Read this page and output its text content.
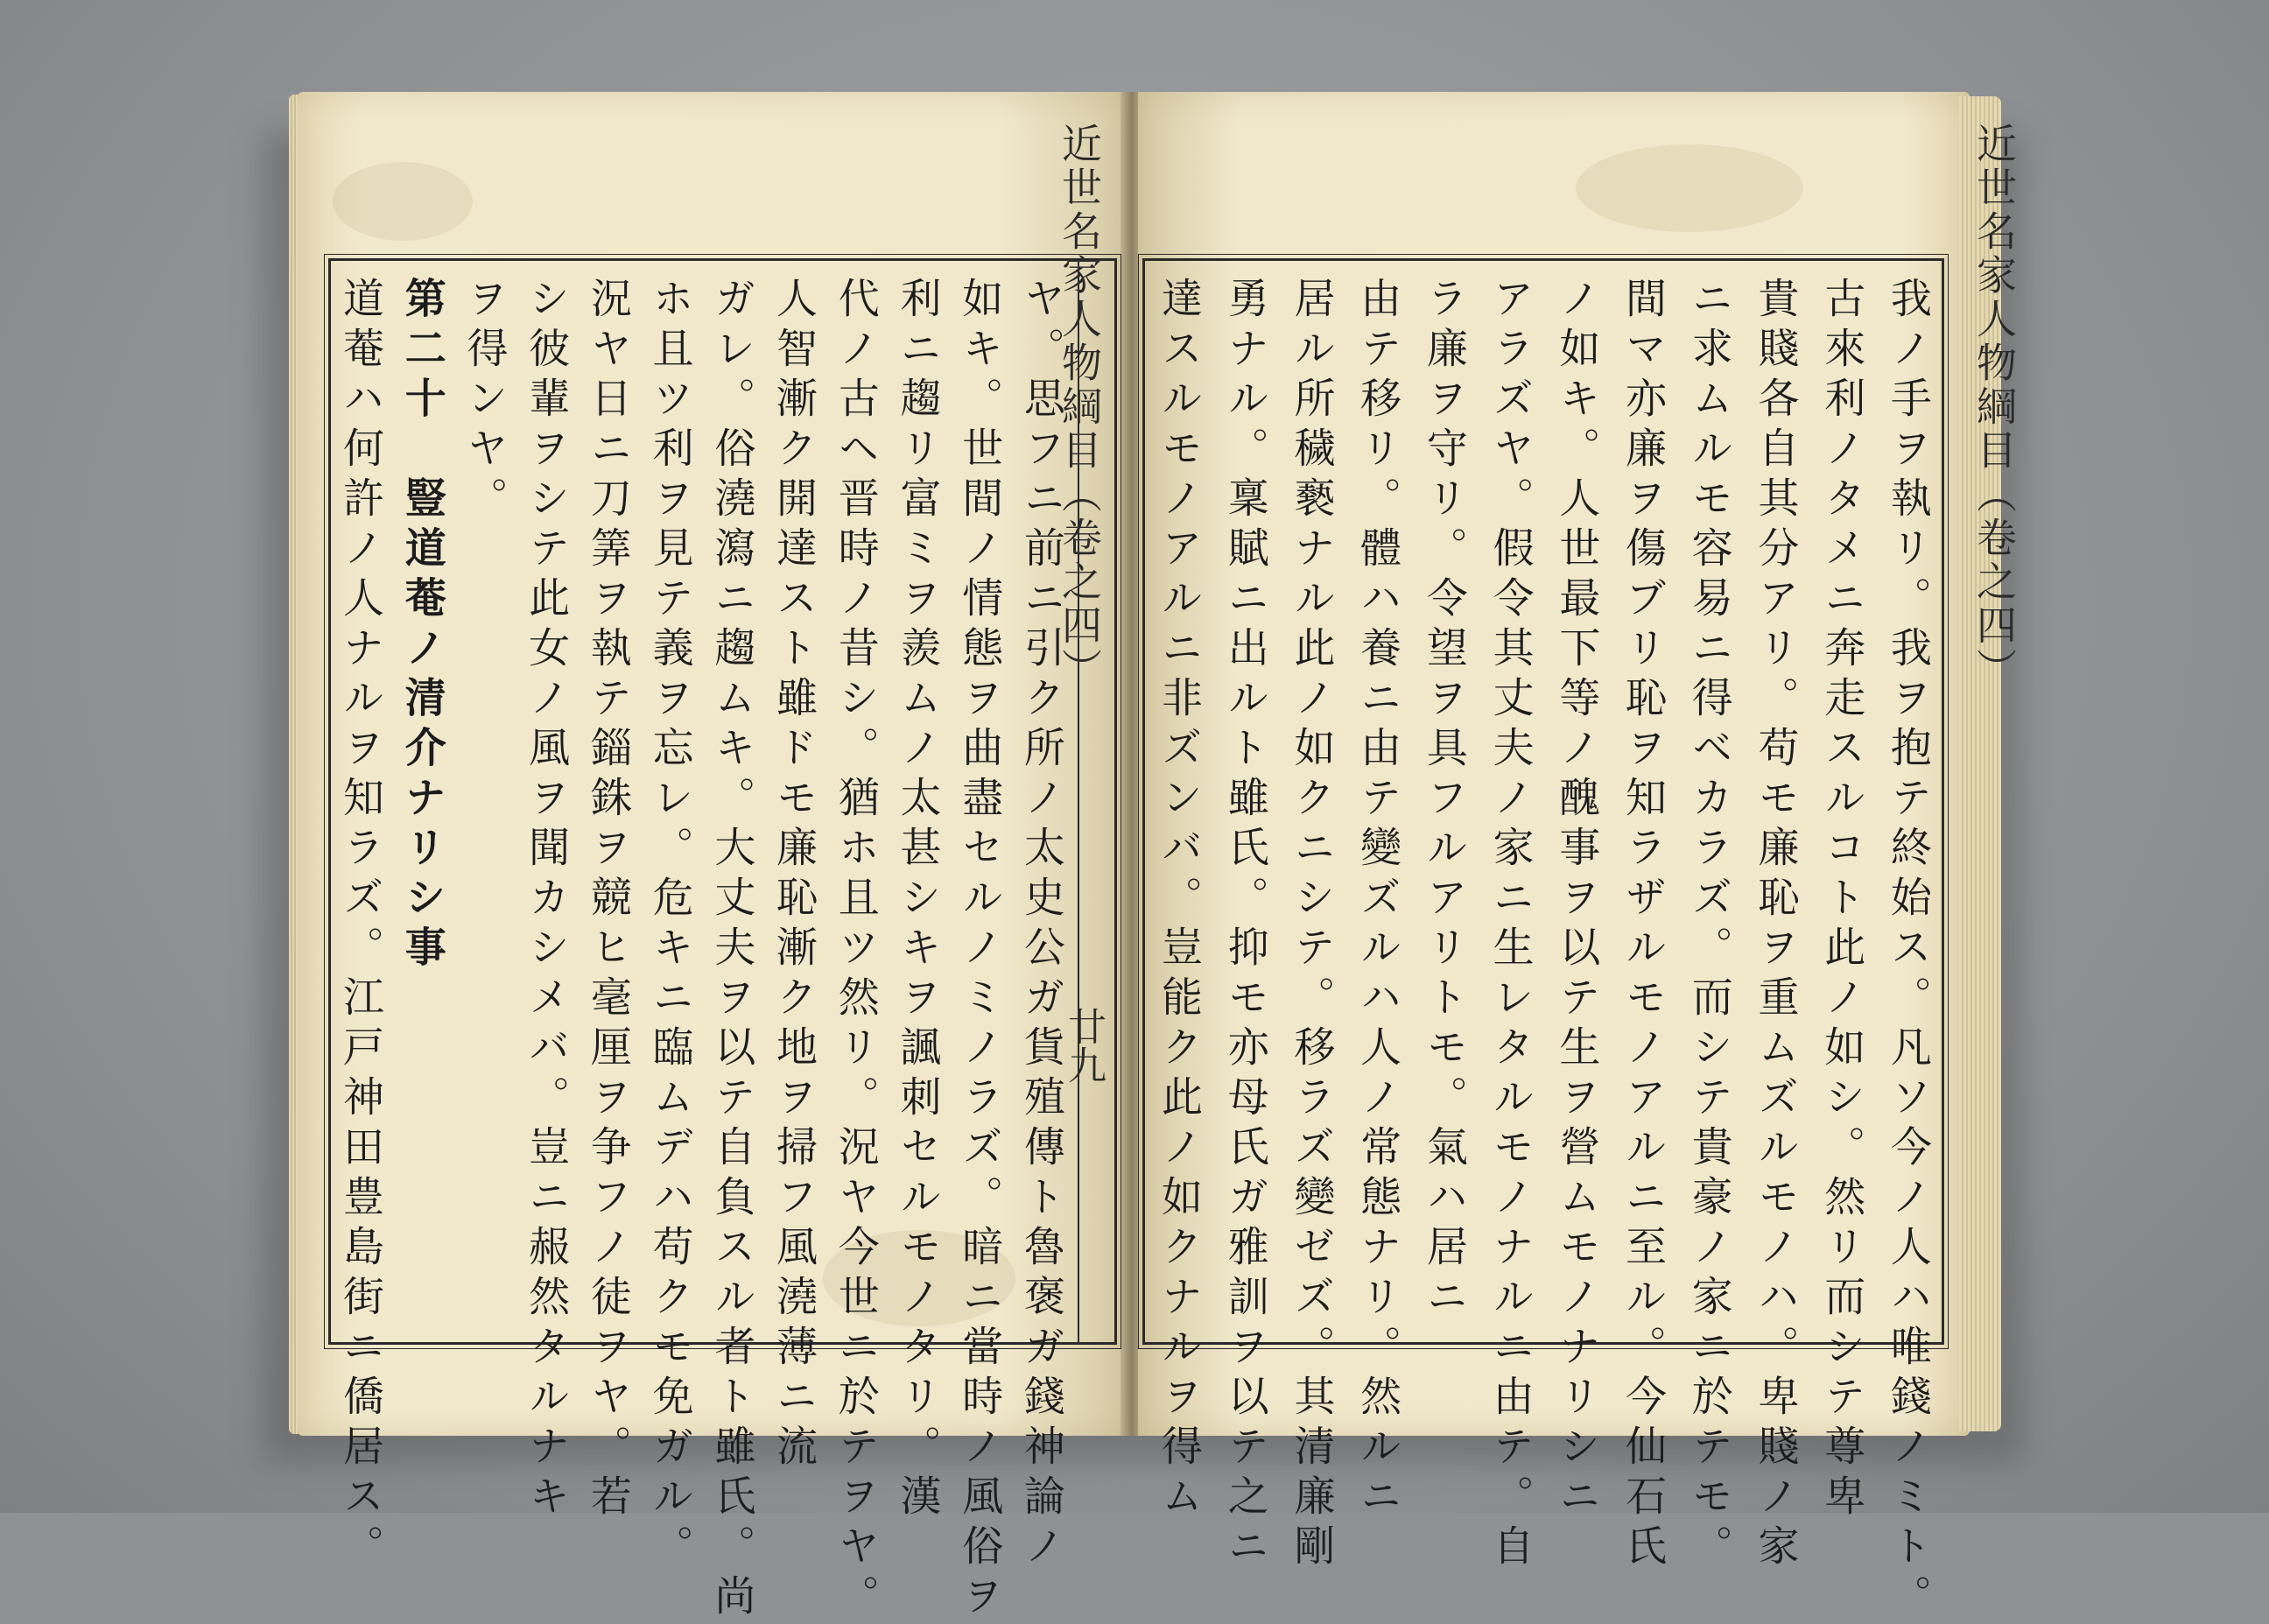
近世名家人物綱目（卷之四）
廿九
ヤ。思フニ前ニ引ク所ノ太史公ガ貨殖傳ト魯褒ガ錢神論ノ
如キ。世間ノ情態ヲ曲盡セルノミノラズ。暗ニ當時ノ風俗ヲ
利ニ趨リ富ミヲ羨ムノ太甚シキヲ諷刺セルモノタリ。漢
代ノ古ヘ晋時ノ昔シ。猶ホ且ツ然リ。況ヤ今世ニ於テヲヤ。
人智漸ク開達スト雖ドモ廉恥漸ク地ヲ掃フ風澆薄ニ流
ガレ。俗澆瀉ニ趨ムキ。大丈夫ヲ以テ自負スル者ト雖氏。尚
ホ且ツ利ヲ見テ義ヲ忘レ。危キニ臨ムデハ苟クモ免ガル。
況ヤ日ニ刀筭ヲ執テ錙銖ヲ競ヒ毫厘ヲ争フノ徒ヲヤ。若
シ彼輩ヲシテ此女ノ風ヲ聞カシメバ。豈ニ赧然タルナキ
ヲ得ンヤ。
第二十　豎道菴ノ清介ナリシ事
道菴ハ何許ノ人ナルヲ知ラズ。江戸神田豊島街ニ僑居ス。	近世名家人物綱目（卷之四）
我ノ手ヲ執リ。我ヲ抱テ終始ス。凡ソ今ノ人ハ唯錢ノミト。
古來利ノタメニ奔走スルコト此ノ如シ。然リ而シテ尊卑
貴賤各自其分アリ。苟モ廉恥ヲ重ムズルモノハ。卑賤ノ家
ニ求ムルモ容易ニ得ベカラズ。而シテ貴豪ノ家ニ於テモ。
間マ亦廉ヲ傷ブリ恥ヲ知ラザルモノアルニ至ル。今仙石氏
ノ如キ。人世最下等ノ醜事ヲ以テ生ヲ營ムモノナリシニ
アラズヤ。假令其丈夫ノ家ニ生レタルモノナルニ由テ。自
ラ廉ヲ守リ。令望ヲ具フルアリトモ。氣ハ居ニ
由テ移リ。體ハ養ニ由テ變ズルハ人ノ常態ナリ。然ルニ
居ル所穢褻ナル此ノ如クニシテ。移ラズ變ゼズ。其清廉剛
勇ナル。稟賦ニ出ルト雖氏。抑モ亦母氏ガ雅訓ヲ以テ之ニ
達スルモノアルニ非ズンバ。豈能ク此ノ如クナルヲ得ム
